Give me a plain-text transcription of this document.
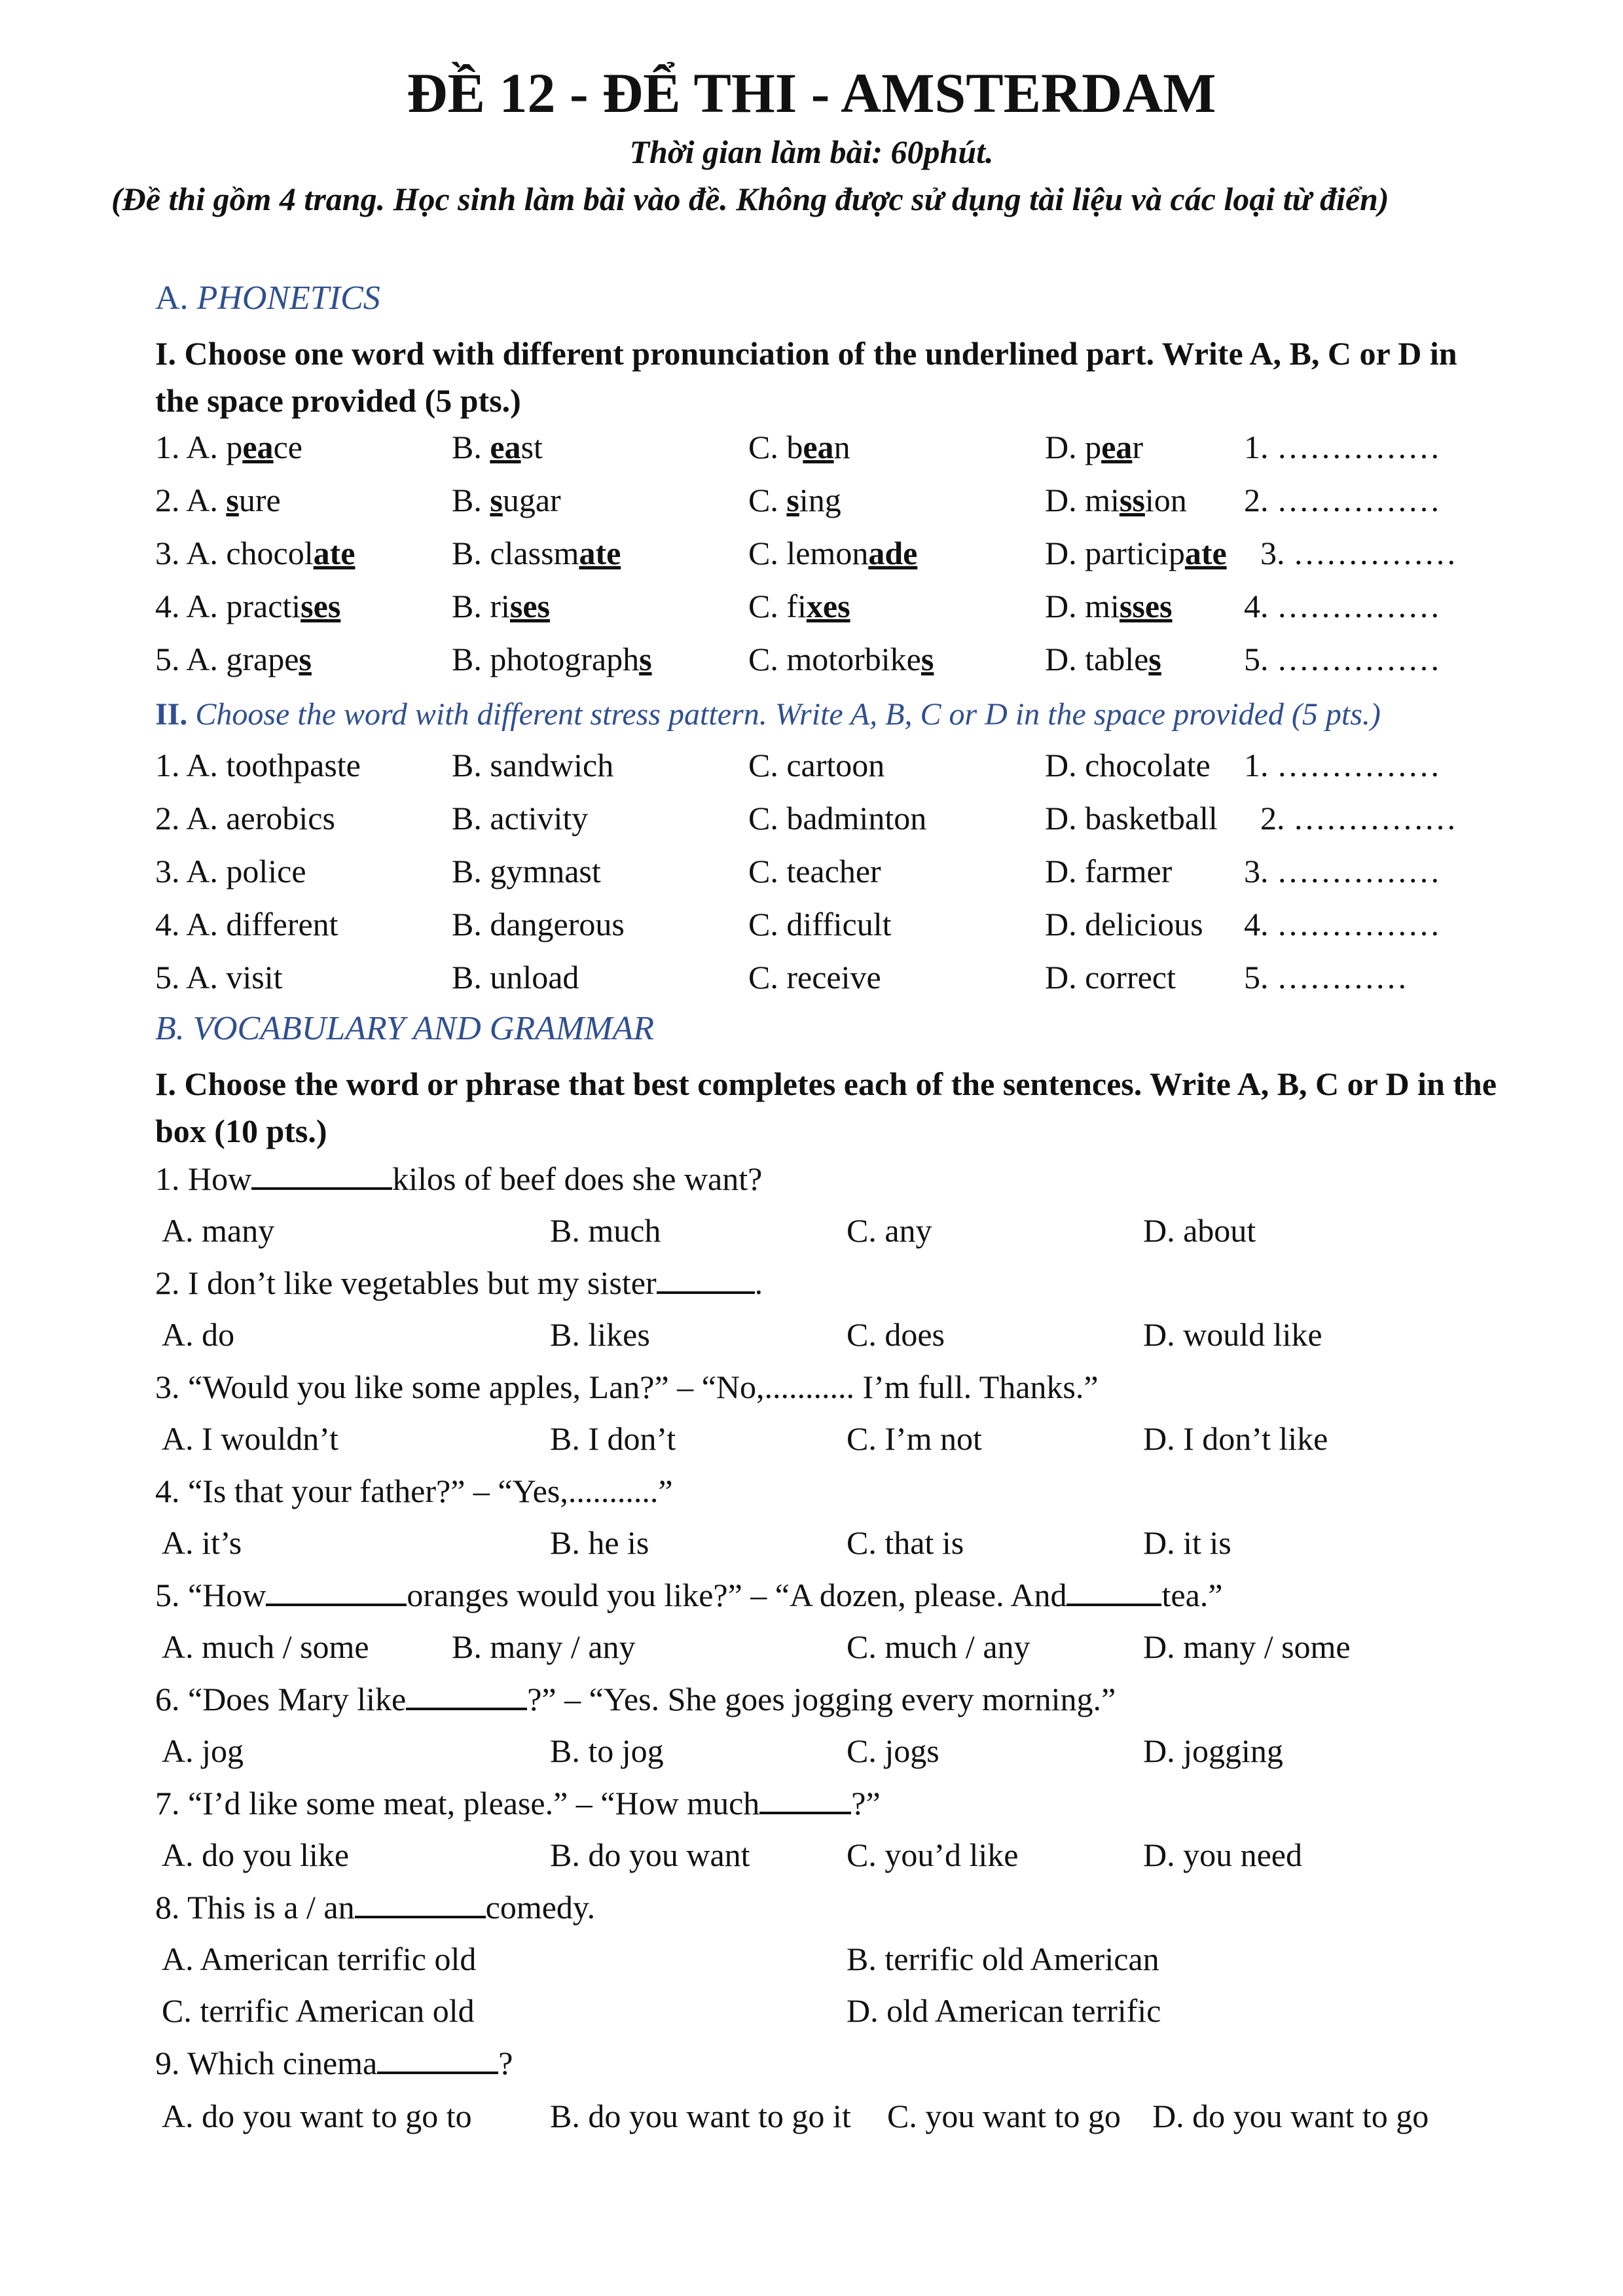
ĐỀ 12 - ĐỂ THI - AMSTERDAM
Thời gian làm bài: 60phút.
(Đề thi gồm 4 trang. Học sinh làm bài vào đề. Không được sử dụng tài liệu và các loại từ điển)
A. PHONETICS
I. Choose one word with different pronunciation of the underlined part. Write A, B, C or D in the space provided (5 pts.)
1. A. peace	B. east	C. bean	D. pear	1. ……………
2. A. sure	B. sugar	C. sing	D. mission 2. ……………
3. A. chocolate	B. classmate	C. lemonade	D. participate 3. ……………
4. A. practises	B. rises	C. fixes	D. misses 4. ……………
5. A. grapes	B. photographs	C. motorbikes	D. tables	5. ……………
II. Choose the word with different stress pattern. Write A, B, C or D in the space provided (5 pts.)
1. A. toothpaste	B. sandwich	C. cartoon	D. chocolate 1. ……………
2. A. aerobics	B. activity	C. badminton	D. basketball 2. ……………
3. A. police	B. gymnast	C. teacher	D. farmer 3. ……………
4. A. different	B. dangerous	C. difficult	D. delicious 4. ……………
5. A. visit	B. unload	C. receive	D. correct 5. …………
B. VOCABULARY AND GRAMMAR
I. Choose the word or phrase that best completes each of the sentences. Write A, B, C or D in the box (10 pts.)
1. How	kilos of beef does she want?
A. many	B. much	C. any	D. about
2. I don’t like vegetables but my sister	.
A. do	B. likes	C. does	D. would like
3. “Would you like some apples, Lan?” – “No,........... I’m full. Thanks.”
A. I wouldn’t	B. I don’t	C. I’m not	D. I don’t like
4. “Is that your father?” – “Yes,...........”
A. it’s	B. he is	C. that is	D. it is
5. “How	oranges would you like?” – “A dozen, please. And	tea.”
A. much / some	B. many / any	C. much / any	D. many / some
6. “Does Mary like	?” – “Yes. She goes jogging every morning.”
A. jog	B. to jog	C. jogs	D. jogging
7. “I’d like some meat, please.” – “How much	?”
A. do you like	B. do you want	C. you’d like	D. you need
8. This is a / an	comedy.
A. American terrific old	B. terrific old American
C. terrific American old	D. old American terrific
9. Which cinema	?
A. do you want to go to B. do you want to go it C. you want to go D. do you want to go
